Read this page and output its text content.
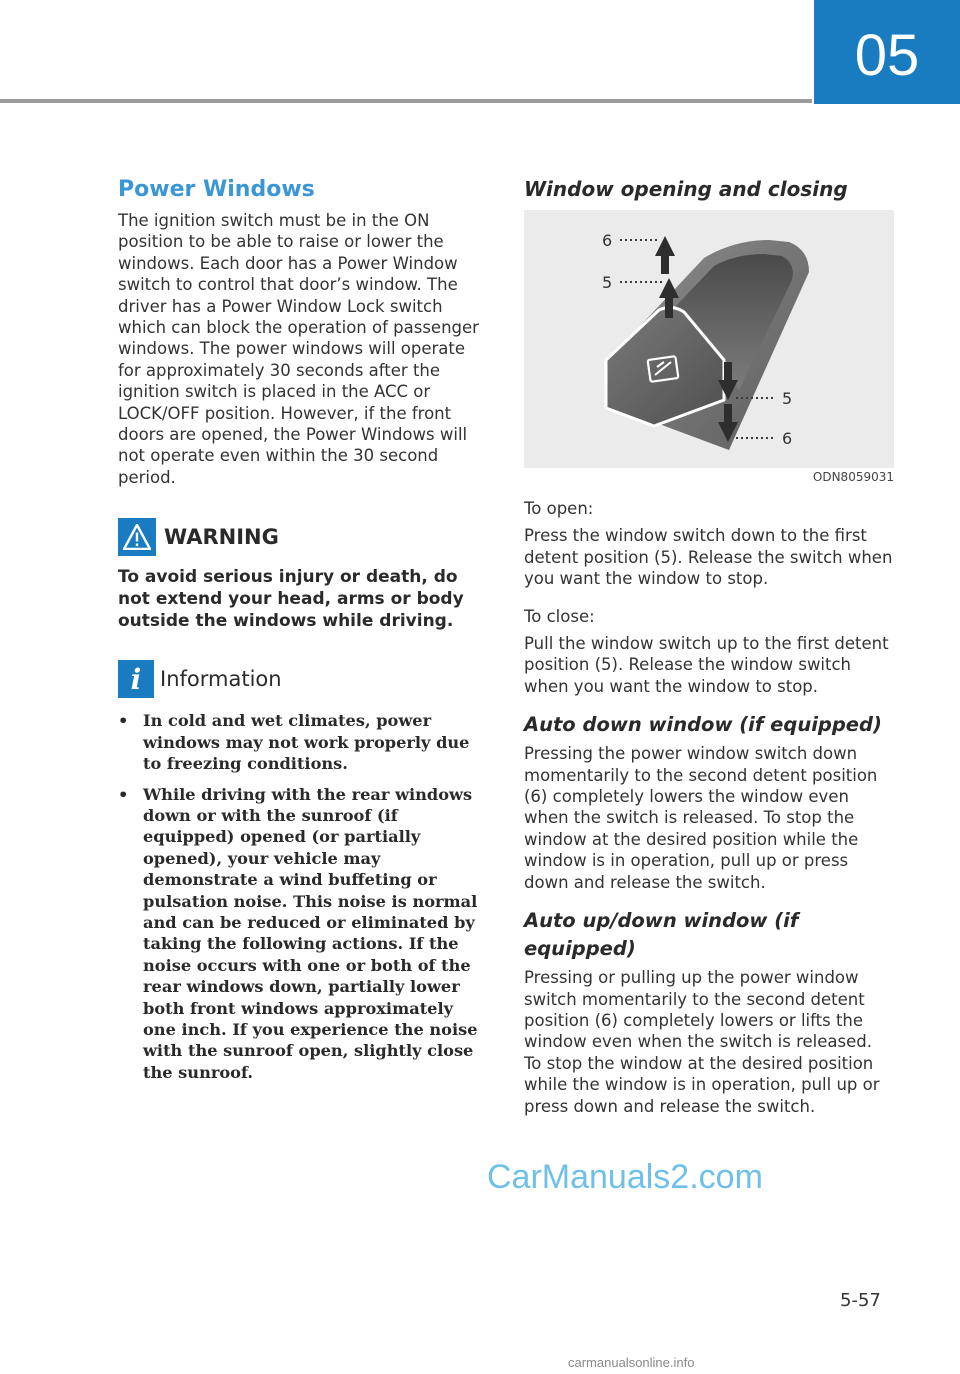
05
Power Windows

The ignition switch must be in the ON position to be able to raise or lower the windows. Each door has a Power Window switch to control that door’s window. The driver has a Power Window Lock switch which can block the operation of passenger windows. The power windows will operate for approximately 30 seconds after the ignition switch is placed in the ACC or LOCK/OFF position. However, if the front doors are opened, the Power Windows will not operate even within the 30 second period.

WARNING

To avoid serious injury or death, do not extend your head, arms or body outside the windows while driving.

i Information
• In cold and wet climates, power windows may not work properly due to freezing conditions.
• While driving with the rear windows down or with the sunroof (if equipped) opened (or partially opened), your vehicle may demonstrate a wind buffeting or pulsation noise. This noise is normal and can be reduced or eliminated by taking the following actions. If the noise occurs with one or both of the rear windows down, partially lower both front windows approximately one inch. If you experience the noise with the sunroof open, slightly close the sunroof.
Window opening and closing
6
5
5
6
ODN8059031

To open:

Press the window switch down to the first detent position (5). Release the switch when you want the window to stop.

To close:

Pull the window switch up to the first detent position (5). Release the window switch when you want the window to stop.

Auto down window (if equipped)

Pressing the power window switch down momentarily to the second detent position (6) completely lowers the window even when the switch is released. To stop the window at the desired position while the window is in operation, pull up or press down and release the switch.

Auto up/down window (if equipped)

Pressing or pulling up the power window switch momentarily to the second detent position (6) completely lowers or lifts the window even when the switch is released. To stop the window at the desired position while the window is in operation, pull up or press down and release the switch.

CarManuals2.com
5-57
carmanualsonline.info
